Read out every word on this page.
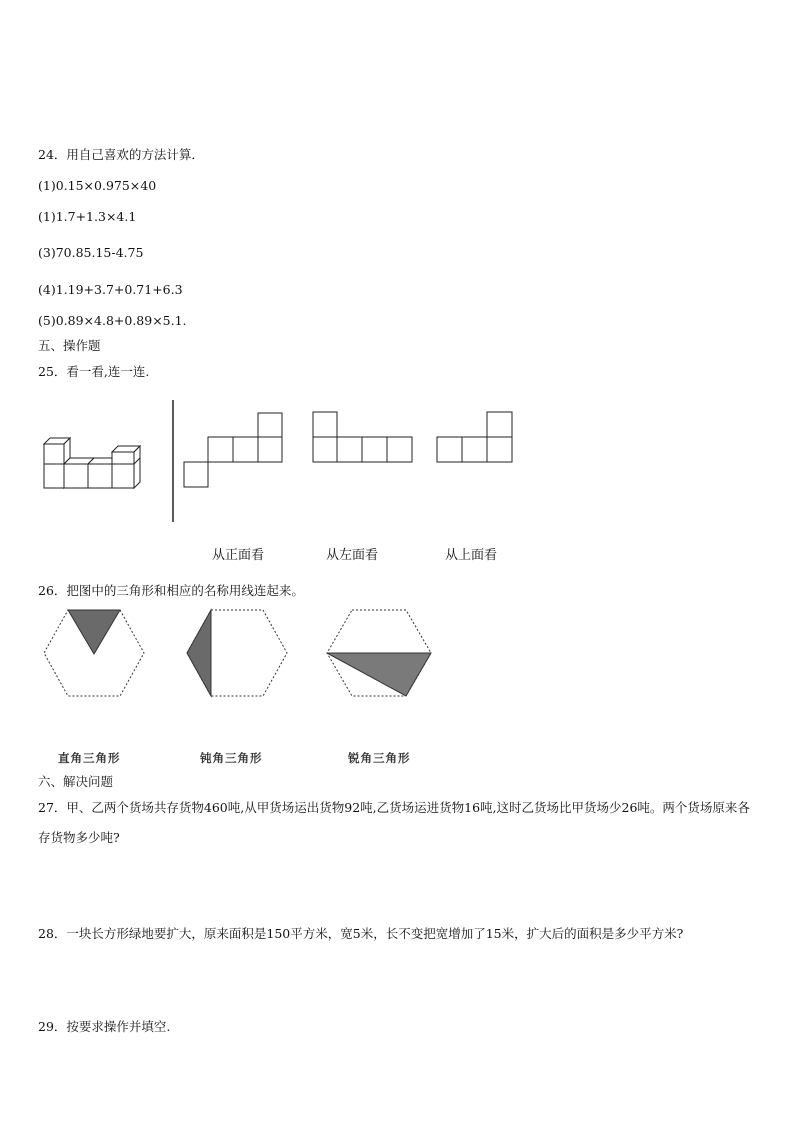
24．用自己喜欢的方法计算．
(1)0.15×0.975×40
(1)1.7+1.3×4.1
(3)70.85.15-4.75
(4)1.19+3.7+0.71+6.3
(5)0.89×4.8+0.89×5.1.
五、操作题
25．看一看,连一连.
从正面看	从左面看	从上面看
26．把图中的三角形和相应的名称用线连起来。
直角三角形	钝角三角形	锐角三角形
六、解决问题
27．甲、乙两个货场共存货物460吨,从甲货场运出货物92吨,乙货场运进货物16吨,这时乙货场比甲货场少26吨。两个货场原来各存货物多少吨?
28．一块长方形绿地要扩大，原来面积是150平方米，宽5米，长不变把宽增加了15米，扩大后的面积是多少平方米?
29．按要求操作并填空.
